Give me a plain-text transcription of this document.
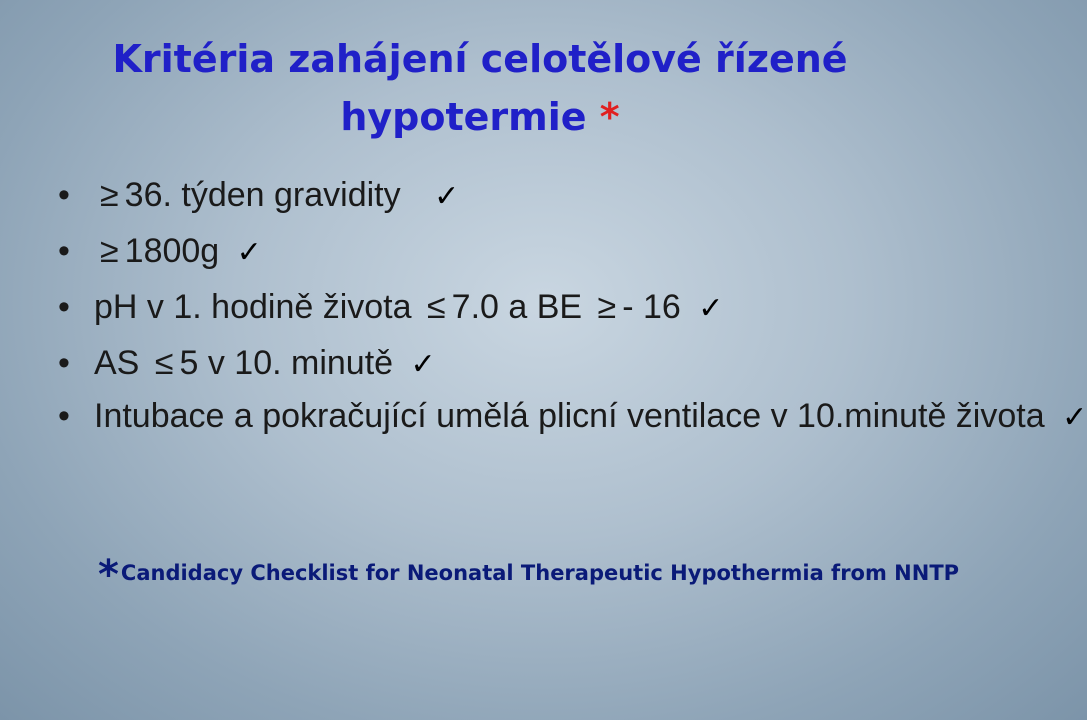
Kritéria zahájení celotělové řízené
hypotermie *
• ≥ 36. týden gravidity ✓
• ≥ 1800g ✓
• pH v 1. hodině života ≤ 7.0 a BE ≥ - 16 ✓
• AS ≤ 5 v 10. minutě ✓
• Intubace a pokračující umělá plicní ventilace v 10.minutě života ✓
*Candidacy Checklist for Neonatal Therapeutic Hypothermia from NNTP
